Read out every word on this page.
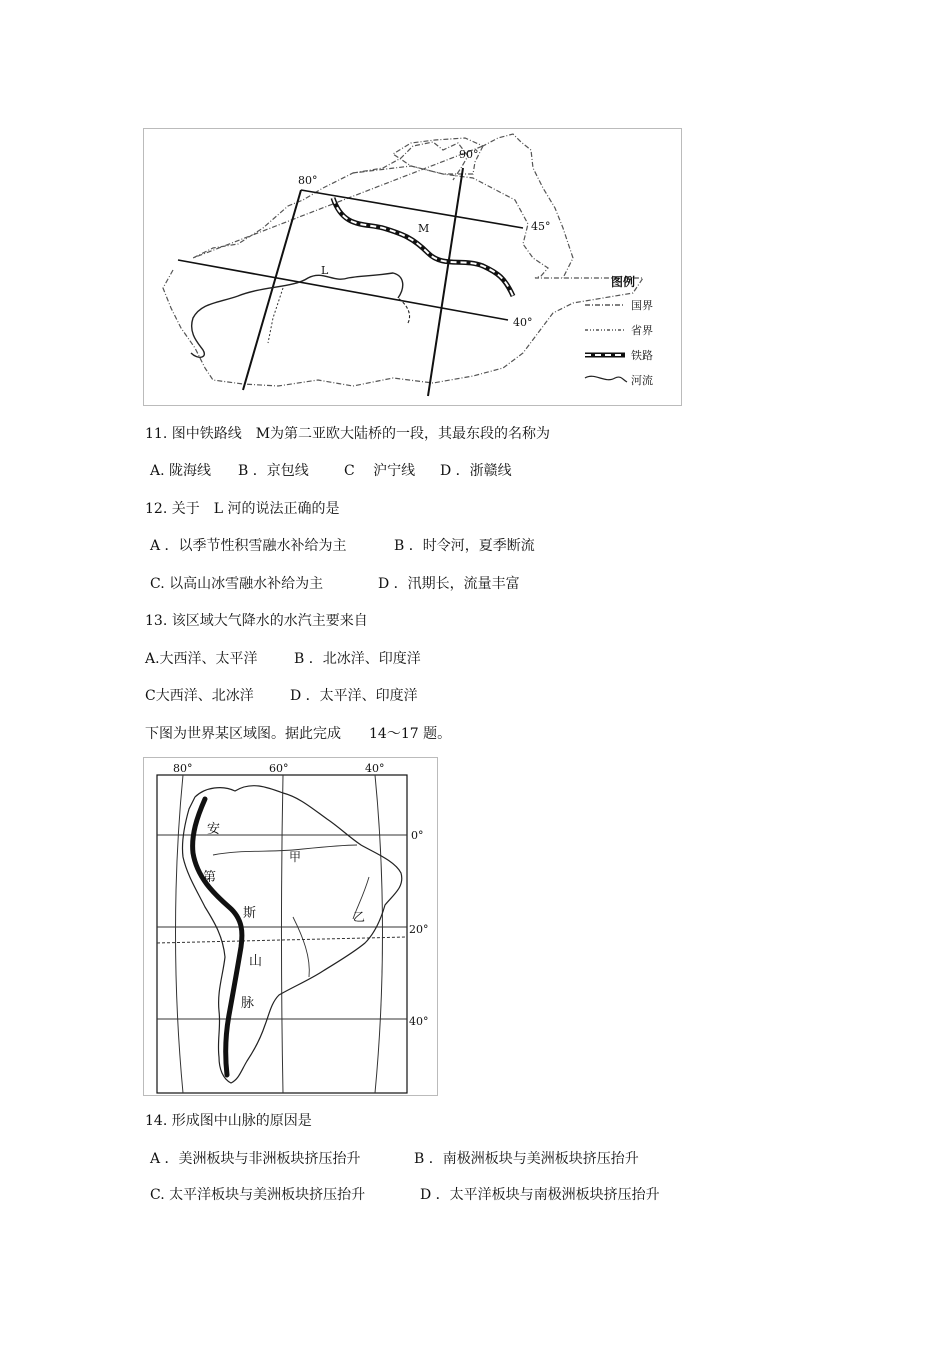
80°
90°
45°
40°
M
L
图例
国界
省界
铁路
河流
11. 图中铁路线　M为第二亚欧大陆桥的一段，其最东段的名称为
A. 陇海线 B ．京包线	C　 沪宁线 D ．浙赣线
12. 关于　L 河的说法正确的是
A ．以季节性积雪融水补给为主	B ．时令河，夏季断流
C. 以高山冰雪融水补给为主	D ．汛期长，流量丰富
13. 该区域大气降水的水汽主要来自
A.大西洋、太平洋	B ．北冰洋、印度洋
C大西洋、北冰洋	D ．太平洋、印度洋
下图为世界某区域图。据此完成　　14～17 题。
80°	60°	40°
0°
20°
40°
甲
乙
安
第
斯
山
脉
14. 形成图中山脉的原因是
A ．美洲板块与非洲板块挤压抬升	B ．南极洲板块与美洲板块挤压抬升
C. 太平洋板块与美洲板块挤压抬升	D ．太平洋板块与南极洲板块挤压抬升
